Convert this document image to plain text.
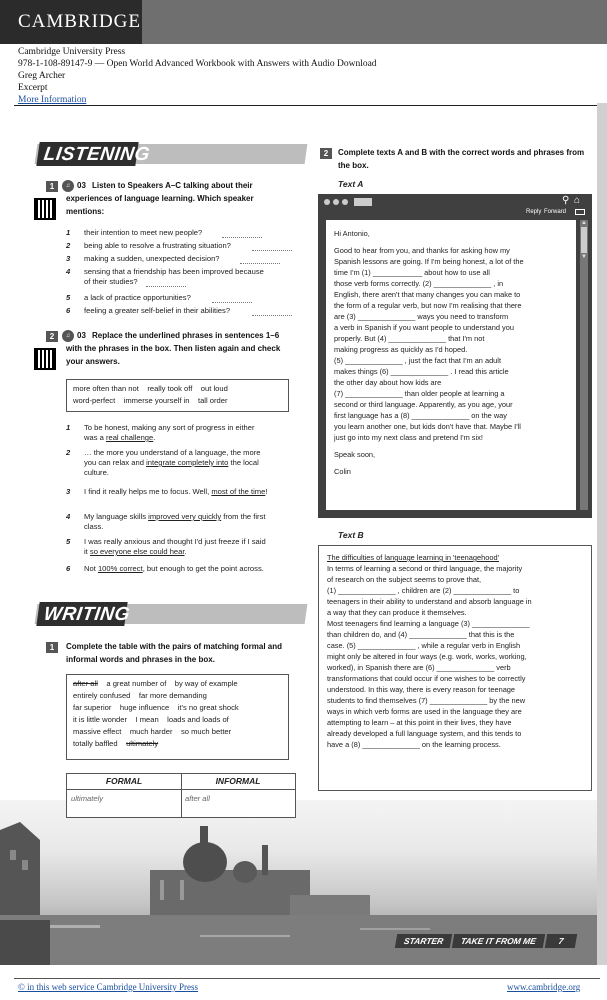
CAMBRIDGE
Cambridge University Press
978-1-108-89147-9 — Open World Advanced Workbook with Answers with Audio Download
Greg Archer
Excerpt
More Information
LISTENING
1	♫ 03 Listen to Speakers A–C talking about their experiences of language learning. Which speaker mentions:
1 their intention to meet new people?
2 being able to resolve a frustrating situation?
3 making a sudden, unexpected decision?
4 sensing that a friendship has been improved because
of their studies?
5 a lack of practice opportunities?
6 feeling a greater self-belief in their abilities?
2	♫ 03 Replace the underlined phrases in sentences 1–6 with the phrases in the box. Then listen again and check your answers.
more often than not really took off out loud
word-perfect immerse yourself in tall order
1 To be honest, making any sort of progress in either
was a real challenge.
2 … the more you understand of a language, the more
you can relax and integrate completely into the local
culture.
3 I find it really helps me to focus. Well, most of the time!
4 My language skills improved very quickly from the first
class.
5 I was really anxious and thought I'd just freeze if I said
it so everyone else could hear.
6 Not 100% correct, but enough to get the point across.
WRITING
1	Complete the table with the pairs of matching formal and informal words and phrases in the box.
after all a great number of by way of example
entirely confused far more demanding
far superior huge influence it's no great shock
it is little wonder I mean loads and loads of
massive effect much harder so much better
totally baffled ultimately
FORMAL	INFORMAL
ultimately	after all
2	Complete texts A and B with the correct words and phrases from the box.
Text A
⚲ ⌂
Reply Forward
Hi Antonio,
Good to hear from you, and thanks for asking how my
Spanish lessons are going. If I'm being honest, a lot of the
time I'm (1) ____________ about how to use all
those verb forms correctly. (2) ______________ , in
English, there aren't that many changes you can make to
the form of a regular verb, but now I'm realising that there
are (3) ______________ ways you need to transform
a verb in Spanish if you want people to understand you
properly. But (4) ______________ that I'm not
making progress as quickly as I'd hoped.
(5) ______________ , just the fact that I'm an adult
makes things (6) ______________ . I read this article
the other day about how kids are
(7) ______________ than older people at learning a
second or third language. Apparently, as you age, your
first language has a (8) ______________ on the way
you learn another one, but kids don't have that. Maybe I'll
just go into my next class and pretend I'm six!
Speak soon,
Colin
▲
▼
Text B
The difficulties of language learning in 'teenagehood'
In terms of learning a second or third language, the majority
of research on the subject seems to prove that,
(1) ______________ , children are (2) ______________ to
teenagers in their ability to understand and absorb language in
a way that they can produce it themselves.
Most teenagers find learning a language (3) ______________
than children do, and (4) ______________ that this is the
case. (5) ______________ , while a regular verb in English
might only be altered in four ways (e.g. work, works, working,
worked), in Spanish there are (6) ______________ verb
transformations that could occur if one wishes to be correctly
understood. In this way, there is every reason for teenage
students to find themselves (7) ______________ by the new
ways in which verb forms are used in the language they are
attempting to learn – at this point in their lives, they have
already developed a full language system, and this tends to
have a (8) ______________ on the learning process.
STARTER	TAKE IT FROM ME	7
© in this web service Cambridge University Press	www.cambridge.org
